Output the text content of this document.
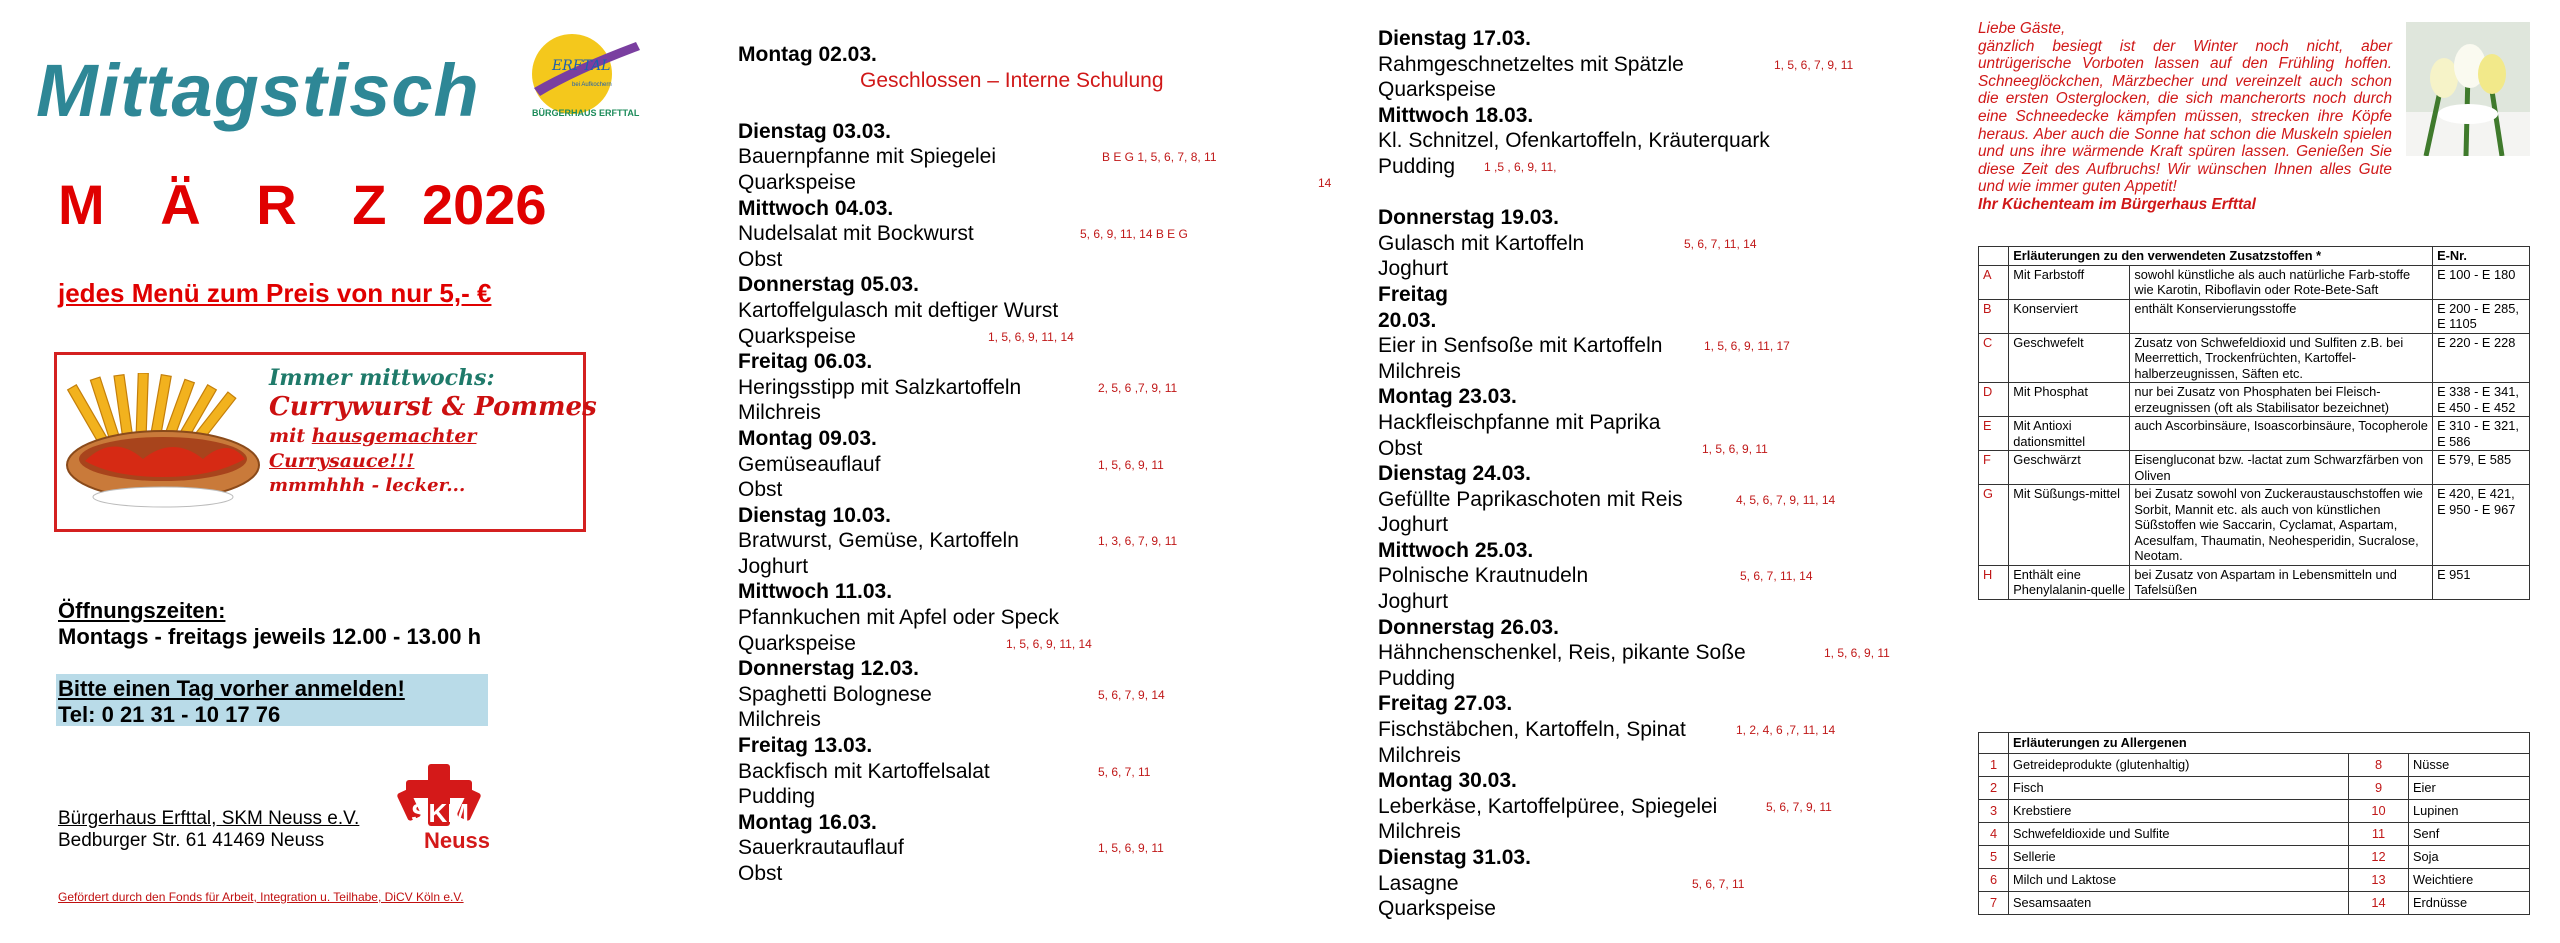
Mittagstisch	ERFTAL
bei Aufkochern
BÜRGERHAUS ERFTTAL
M Ä R Z 2026
jedes Menü zum Preis von nur 5,- €
Immer mittwochs:
Currywurst & Pommes
mit hausgemachter
Currysauce!!!
mmmhhh - lecker...
Öffnungszeiten:
Montags - freitags jeweils 12.00 - 13.00 h
Bitte einen Tag vorher anmelden!
Tel: 0 21 31 - 10 17 76
SKM
Neuss
Bürgerhaus Erfttal, SKM Neuss e.V.
Bedburger Str. 61 41469 Neuss
Gefördert durch den Fonds für Arbeit, Integration u. Teilhabe, DiCV Köln e.V.
Montag 02.03.
Geschlossen – Interne Schulung
Dienstag 03.03.
Bauernpfanne mit Spiegelei	B E G 1, 5, 6, 7, 8, 11
Quarkspeise	14
Mittwoch 04.03.
Nudelsalat mit Bockwurst	5, 6, 9, 11, 14 B E G
Obst
Donnerstag 05.03.
Kartoffelgulasch mit deftiger Wurst
Quarkspeise	1, 5, 6, 9, 11, 14
Freitag 06.03.
Heringsstipp mit Salzkartoffeln	2, 5, 6 ,7, 9, 11
Milchreis
Montag 09.03.
Gemüseauflauf	1, 5, 6, 9, 11
Obst
Dienstag 10.03.
Bratwurst, Gemüse, Kartoffeln	1, 3, 6, 7, 9, 11
Joghurt
Mittwoch 11.03.
Pfannkuchen mit Apfel oder Speck
Quarkspeise	1, 5, 6, 9, 11, 14
Donnerstag 12.03.
Spaghetti Bolognese	5, 6, 7, 9, 14
Milchreis
Freitag 13.03.
Backfisch mit Kartoffelsalat	5, 6, 7, 11
Pudding
Montag 16.03.
Sauerkrautauflauf	1, 5, 6, 9, 11
Obst
Dienstag 17.03.
Rahmgeschnetzeltes mit Spätzle	1, 5, 6, 7, 9, 11
Quarkspeise
Mittwoch 18.03.
Kl. Schnitzel, Ofenkartoffeln, Kräuterquark
Pudding 1 ,5 , 6, 9, 11,
Donnerstag 19.03.
Gulasch mit Kartoffeln	5, 6, 7, 11, 14
Joghurt
Freitag
20.03.
Eier in Senfsoße mit Kartoffeln	1, 5, 6, 9, 11, 17
Milchreis
Montag 23.03.
Hackfleischpfanne mit Paprika
Obst	1, 5, 6, 9, 11
Dienstag 24.03.
Gefüllte Paprikaschoten mit Reis	4, 5, 6, 7, 9, 11, 14
Joghurt
Mittwoch 25.03.
Polnische Krautnudeln	5, 6, 7, 11, 14
Joghurt
Donnerstag 26.03.
Hähnchenschenkel, Reis, pikante Soße	1, 5, 6, 9, 11
Pudding
Freitag 27.03.
Fischstäbchen, Kartoffeln, Spinat	1, 2, 4, 6 ,7, 11, 14
Milchreis
Montag 30.03.
Leberkäse, Kartoffelpüree, Spiegelei	5, 6, 7, 9, 11
Milchreis
Dienstag 31.03.
Lasagne	5, 6, 7, 11
Quarkspeise
Liebe Gäste,
gänzlich besiegt ist der Winter noch nicht, aber untrügerische Vorboten lassen auf den Frühling hoffen. Schneeglöckchen, Märzbecher und vereinzelt auch schon die ersten Osterglocken, die sich mancherorts noch durch eine Schneedecke kämpfen müssen, strecken ihre Köpfe heraus. Aber auch die Sonne hat schon die Muskeln spielen und uns ihre wärmende Kraft spüren lassen. Genießen Sie diese Zeit des Aufbruchs! Wir wünschen Ihnen alles Gute und wie immer guten Appetit!
Ihr Küchenteam im Bürgerhaus Erfttal
	Erläuterungen zu den verwendeten Zusatzstoffen *		E-Nr.
A	Mit Farbstoff	sowohl künstliche als auch natürliche Farb-stoffe wie Karotin, Riboflavin oder Rote-Bete-Saft	E 100 - E 180
B	Konserviert	enthält Konservierungsstoffe	E 200 - E 285, E 1105
C	Geschwefelt	Zusatz von Schwefeldioxid und Sulfiten z.B. bei Meerrettich, Trockenfrüchten, Kartoffel-halberzeugnissen, Säften etc.	E 220 - E 228
D	Mit Phosphat	nur bei Zusatz von Phosphaten bei Fleisch-erzeugnissen (oft als Stabilisator bezeichnet)	E 338 - E 341, E 450 - E 452
E	Mit Antioxi dationsmittel	auch Ascorbinsäure, Isoascorbinsäure, Tocopherole	E 310 - E 321, E 586
F	Geschwärzt	Eisengluconat bzw. -lactat zum Schwarzfärben von Oliven	E 579, E 585
G	Mit Süßungs-mittel	bei Zusatz sowohl von Zuckeraustauschstoffen wie Sorbit, Mannit etc. als auch von künstlichen Süßstoffen wie Saccarin, Cyclamat, Aspartam, Acesulfam, Thaumatin, Neohesperidin, Sucralose, Neotam.	E 420, E 421, E 950 - E 967
H	Enthält eine Phenylalanin-quelle	bei Zusatz von Aspartam in Lebensmitteln und Tafelsüßen	E 951
	Erläuterungen zu Allergenen		
1	Getreideprodukte (glutenhaltig)	8	Nüsse
2	Fisch	9	Eier
3	Krebstiere	10	Lupinen
4	Schwefeldioxide und Sulfite	11	Senf
5	Sellerie	12	Soja
6	Milch und Laktose	13	Weichtiere
7	Sesamsaaten	14	Erdnüsse
